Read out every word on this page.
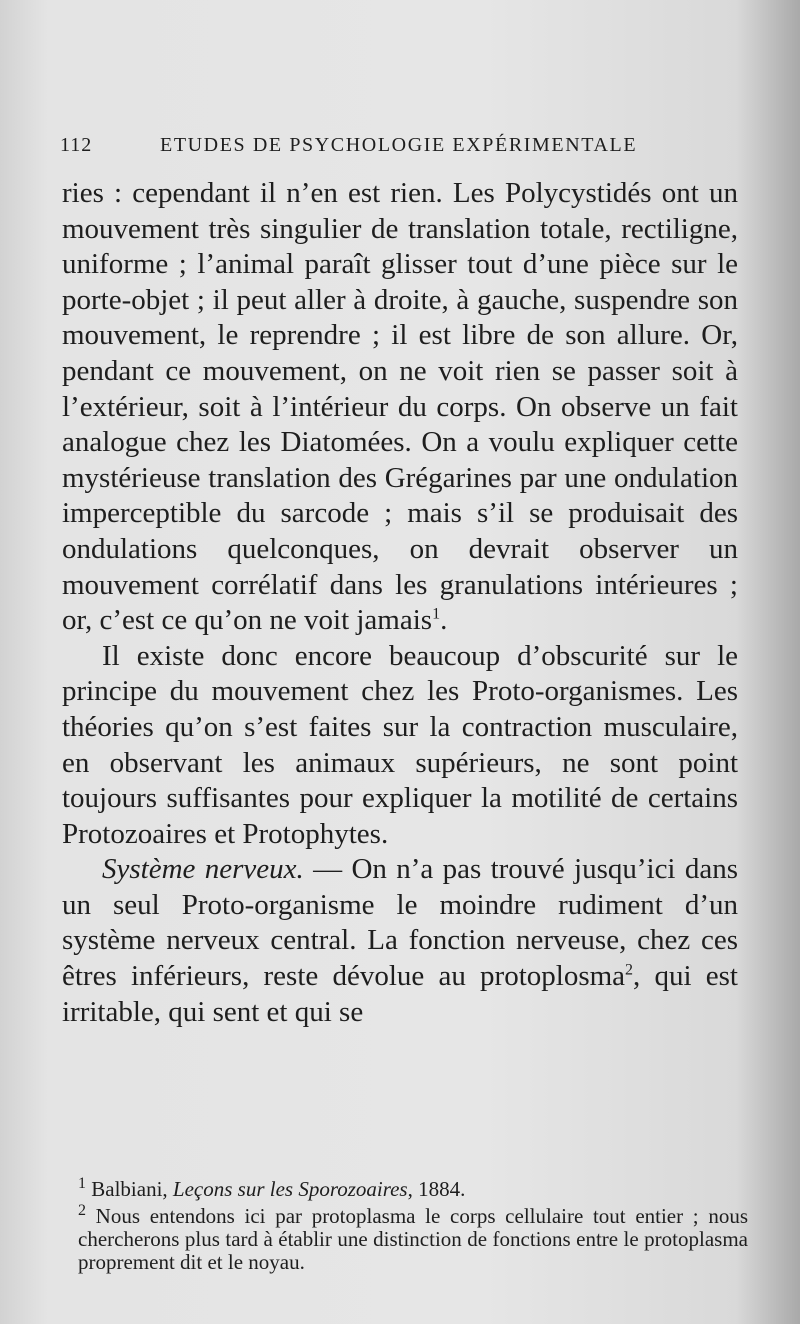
112	ETUDES DE PSYCHOLOGIE EXPÉRIMENTALE

ries : cependant il n’en est rien. Les Polycystidés ont un mouvement très singulier de translation totale, rectiligne, uniforme ; l’animal paraît glisser tout d’une pièce sur le porte-objet ; il peut aller à droite, à gauche, suspendre son mouvement, le reprendre ; il est libre de son allure. Or, pendant ce mouvement, on ne voit rien se passer soit à l’extérieur, soit à l’intérieur du corps. On observe un fait analogue chez les Diatomées. On a voulu expliquer cette mystérieuse translation des Grégarines par une ondulation imperceptible du sarcode ; mais s’il se produisait des ondulations quelconques, on devrait observer un mouvement corrélatif dans les granulations intérieures ; or, c’est ce qu’on ne voit jamais$^1$.

Il existe donc encore beaucoup d’obscurité sur le principe du mouvement chez les Proto-organismes. Les théories qu’on s’est faites sur la contraction musculaire, en observant les animaux supérieurs, ne sont point toujours suffisantes pour expliquer la motilité de certains Protozoaires et Protophytes.

Système nerveux. — On n’a pas trouvé jusqu’ici dans un seul Proto-organisme le moindre rudiment d’un système nerveux central. La fonction nerveuse, chez ces êtres inférieurs, reste dévolue au protoplosma$^2$, qui est irritable, qui sent et qui se

$^1$ Balbiani, Leçons sur les Sporozoaires, 1884.

$^2$ Nous entendons ici par protoplasma le corps cellulaire tout entier ; nous chercherons plus tard à établir une distinction de fonctions entre le protoplasma proprement dit et le noyau.
